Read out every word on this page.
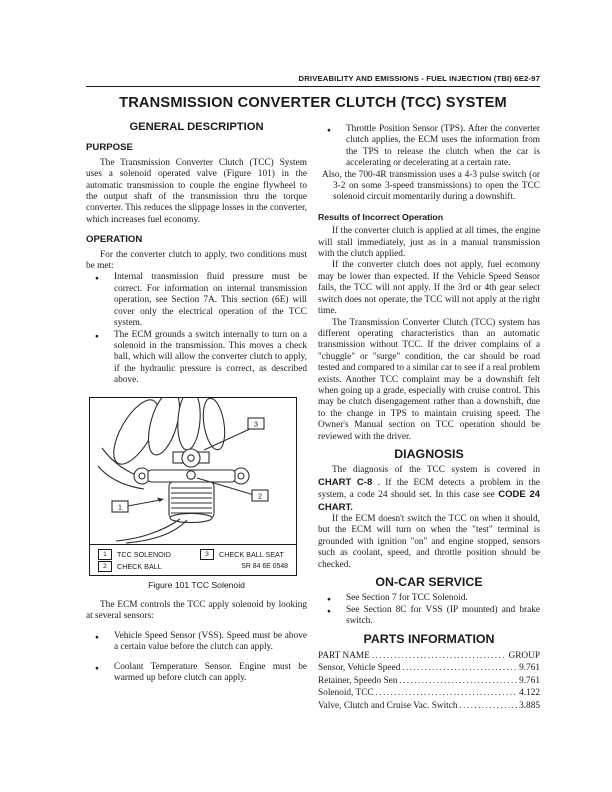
DRIVEABILITY AND EMISSIONS - FUEL INJECTION (TBI) 6E2-97
TRANSMISSION CONVERTER CLUTCH (TCC) SYSTEM
GENERAL DESCRIPTION
PURPOSE

The Transmission Converter Clutch (TCC) System uses a solenoid operated valve (Figure 101) in the automatic transmission to couple the engine flywheel to the output shaft of the transmission thru the torque converter. This reduces the slippage losses in the converter, which increases fuel economy.

OPERATION

For the converter clutch to apply, two conditions must be met:

● Internal transmission fluid pressure must be correct. For information on internal transmission operation, see Section 7A. This section (6E) will cover only the electrical operation of the TCC system.
● The ECM grounds a switch internally to turn on a solenoid in the transmission. This moves a check ball, which will allow the converter clutch to apply, if the hydraulic pressure is correct, as described above.
3
2
1
1	TCC SOLENOID	3	CHECK BALL SEAT
2	CHECK BALL	SR 84 6E 0548
Figure 101 TCC Solenoid

The ECM controls the TCC apply solenoid by looking at several sensors:

● Vehicle Speed Sensor (VSS). Speed must be above a certain value before the clutch can apply.
● Coolant Temperature Sensor. Engine must be warmed up before clutch can apply.
● Throttle Position Sensor (TPS). After the converter clutch applies, the ECM uses the information from the TPS to release the clutch when the car is accelerating or decelerating at a certain rate.

Also, the 700-4R transmission uses a 4-3 pulse switch (or 3-2 on some 3-speed transmissions) to open the TCC solenoid circuit momentarily during a downshift.

Results of Incorrect Operation

If the converter clutch is applied at all times, the engine will stall immediately, just as in a manual transmission with the clutch applied.

If the converter clutch does not apply, fuel ecomony may be lower than expected. If the Vehicle Speed Sensor fails, the TCC will not apply. If the 3rd or 4th gear select switch does not operate, the TCC will not apply at the right time.

The Transmission Converter Clutch (TCC) system has different operating characteristics than an automatic transmission without TCC. If the driver complains of a "chuggle" or "surge" condition, the car should be road tested and compared to a similar car to see if a real problem exists. Another TCC complaint may be a downshift felt when going up a grade, especially with cruise control. This may be clutch disengagement rather than a downshift, due to the change in TPS to maintain cruising speed. The Owner's Manual section on TCC operation should be reviewed with the driver.

DIAGNOSIS

The diagnosis of the TCC system is covered in CHART C-8 . If the ECM detects a problem in the system, a code 24 should set. In this case see CODE 24 CHART.

If the ECM doesn't switch the TCC on when it should, but the ECM will turn on when the "test" terminal is grounded with ignition "on" and engine stopped, sensors such as coolant, speed, and throttle position should be checked.

ON-CAR SERVICE
● See Section 7 for TCC Solenoid.
● See Section 8C for VSS (IP mounted) and brake switch.
PARTS INFORMATION
PART NAME .....	GROUP
Sensor, Vehicle Speed .....	9.761
Retainer, Speedo Sen .....	9.761
Solenoid, TCC .....	4.122
Valve, Clutch and Cruise Vac. Switch .....	3.885
